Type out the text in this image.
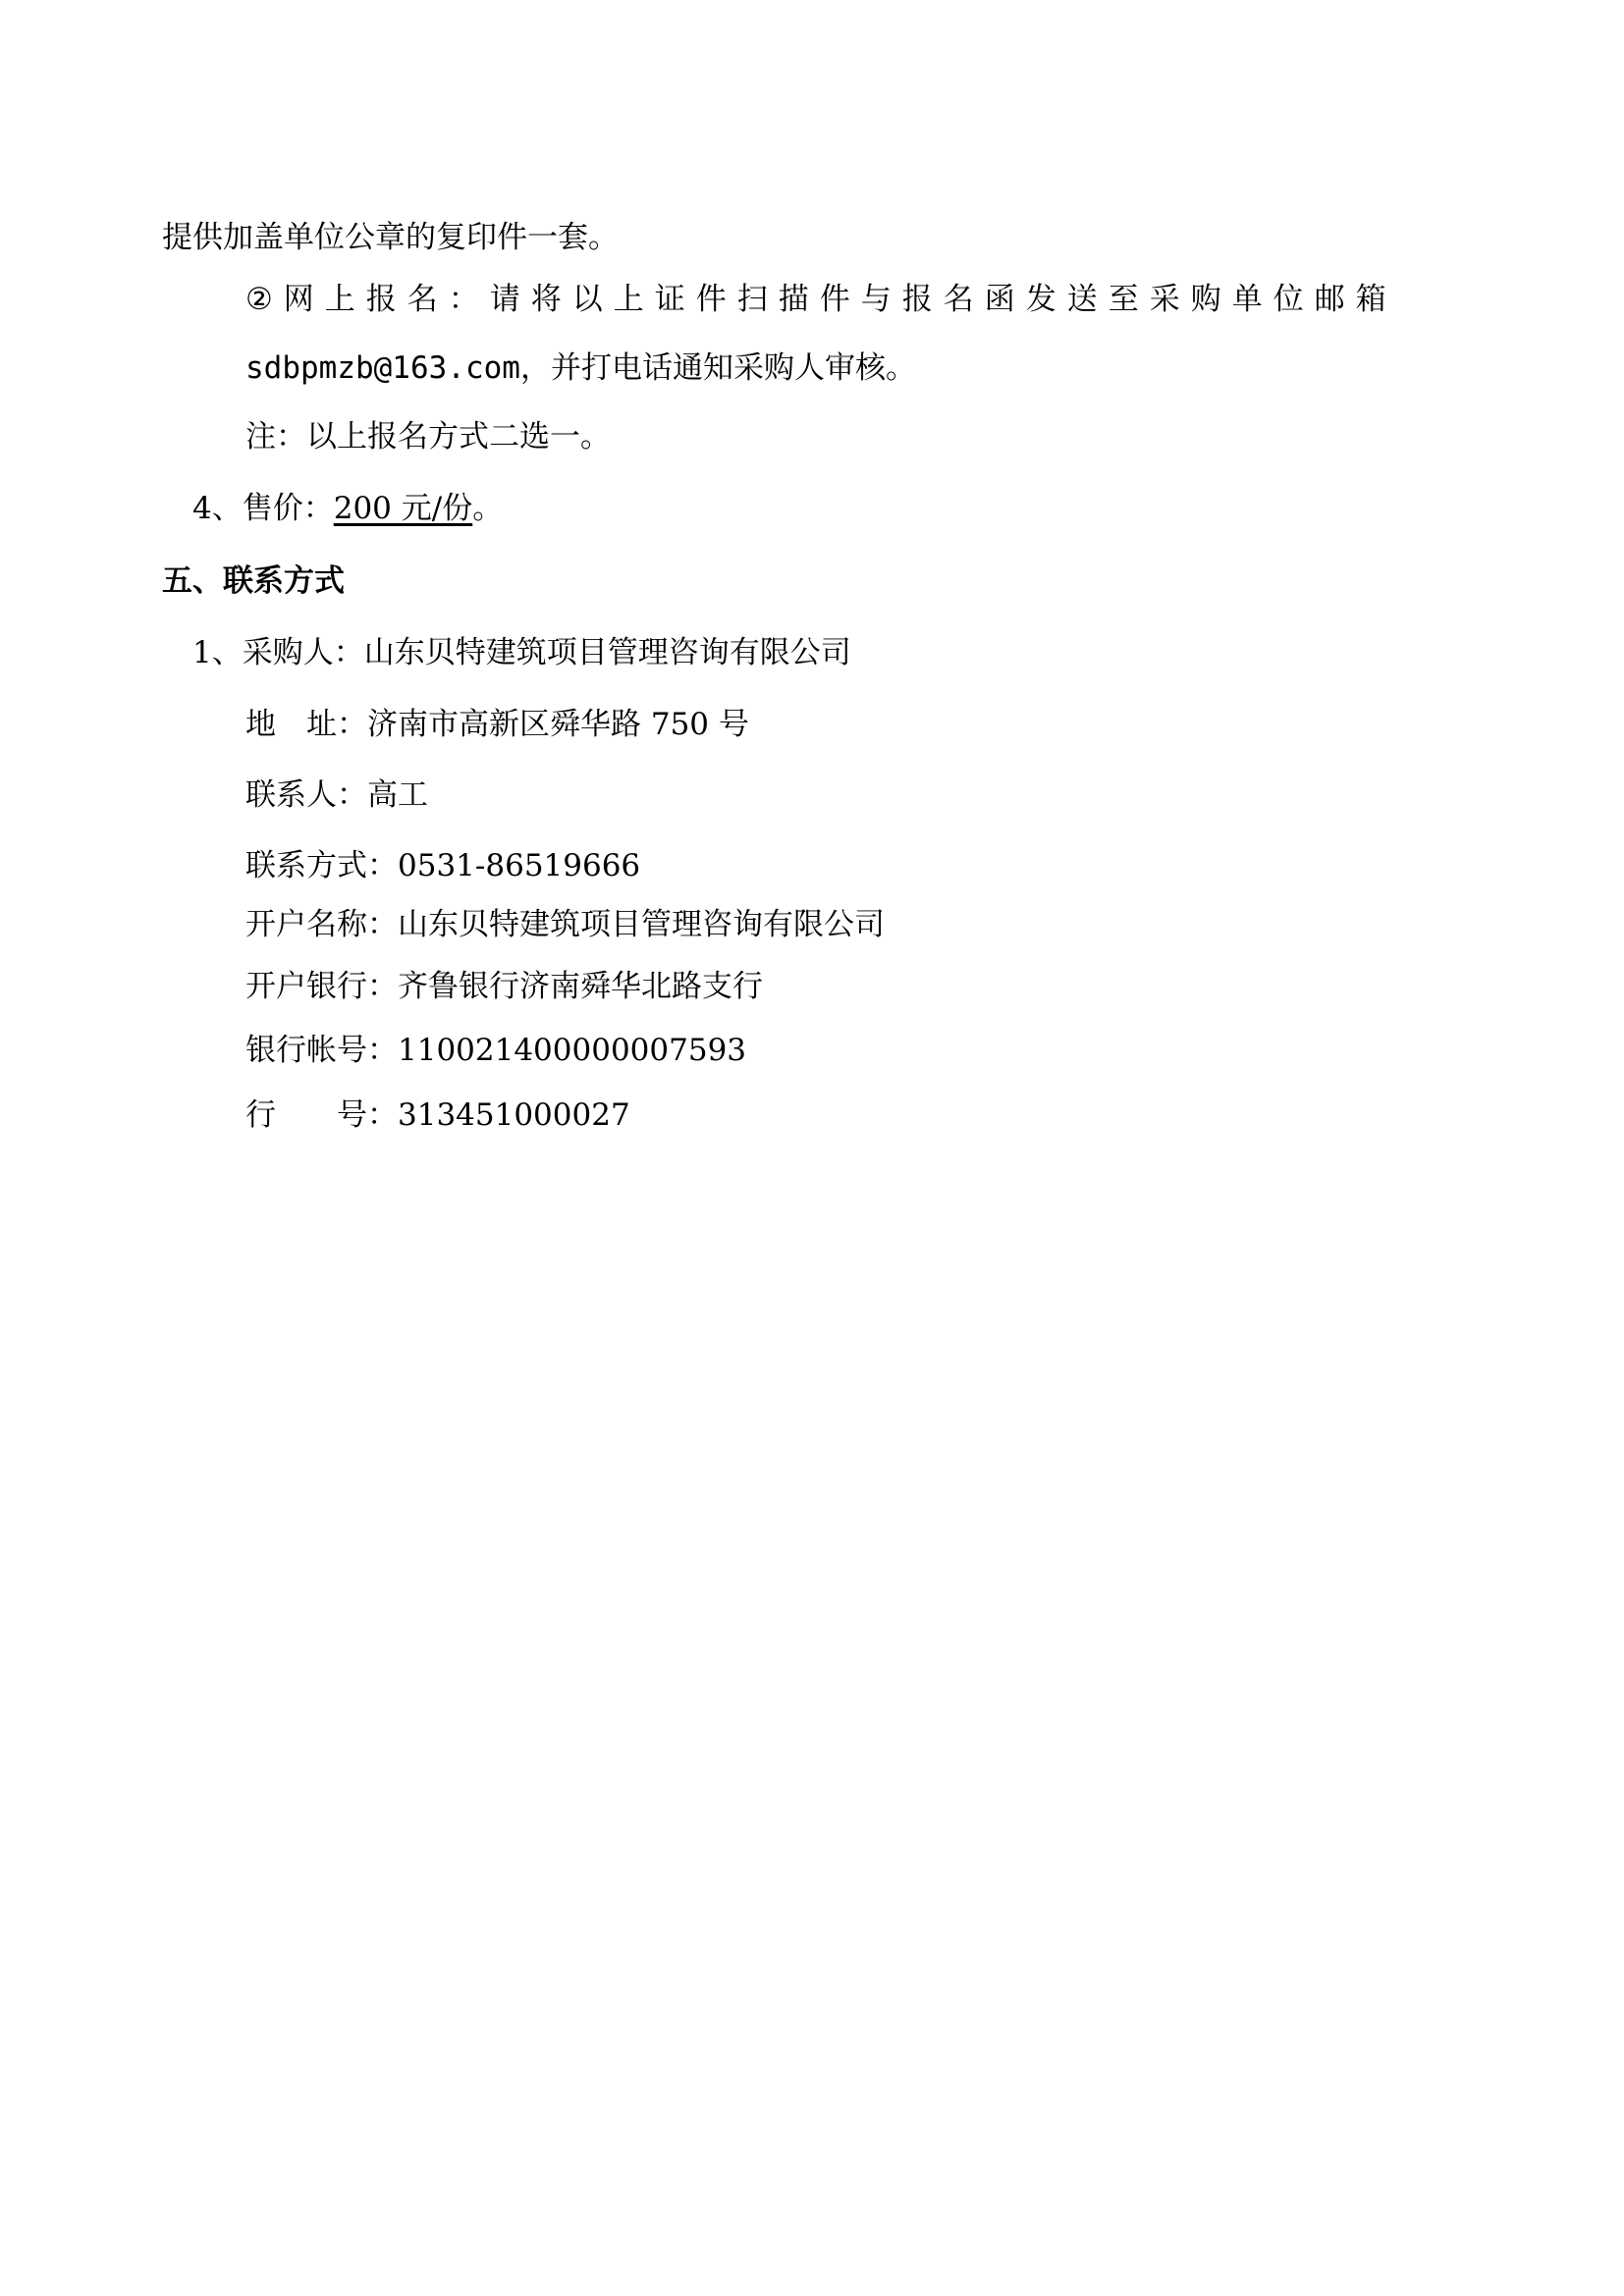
提供加盖单位公章的复印件一套。
② 网 上 报 名 ： 请 将 以 上 证 件 扫 描 件 与 报 名 函 发 送 至 采 购 单 位 邮 箱
sdbpmzb@163.com，并打电话通知采购人审核。
注：以上报名方式二选一。
4、售价：200 元/份。
五、联系方式
1、采购人：山东贝特建筑项目管理咨询有限公司
地 址：济南市高新区舜华路 750 号
联系人：高工
联系方式：0531-86519666
开户名称：山东贝特建筑项目管理咨询有限公司
开户银行：齐鲁银行济南舜华北路支行
银行帐号：110021400000007593
行 号：313451000027
